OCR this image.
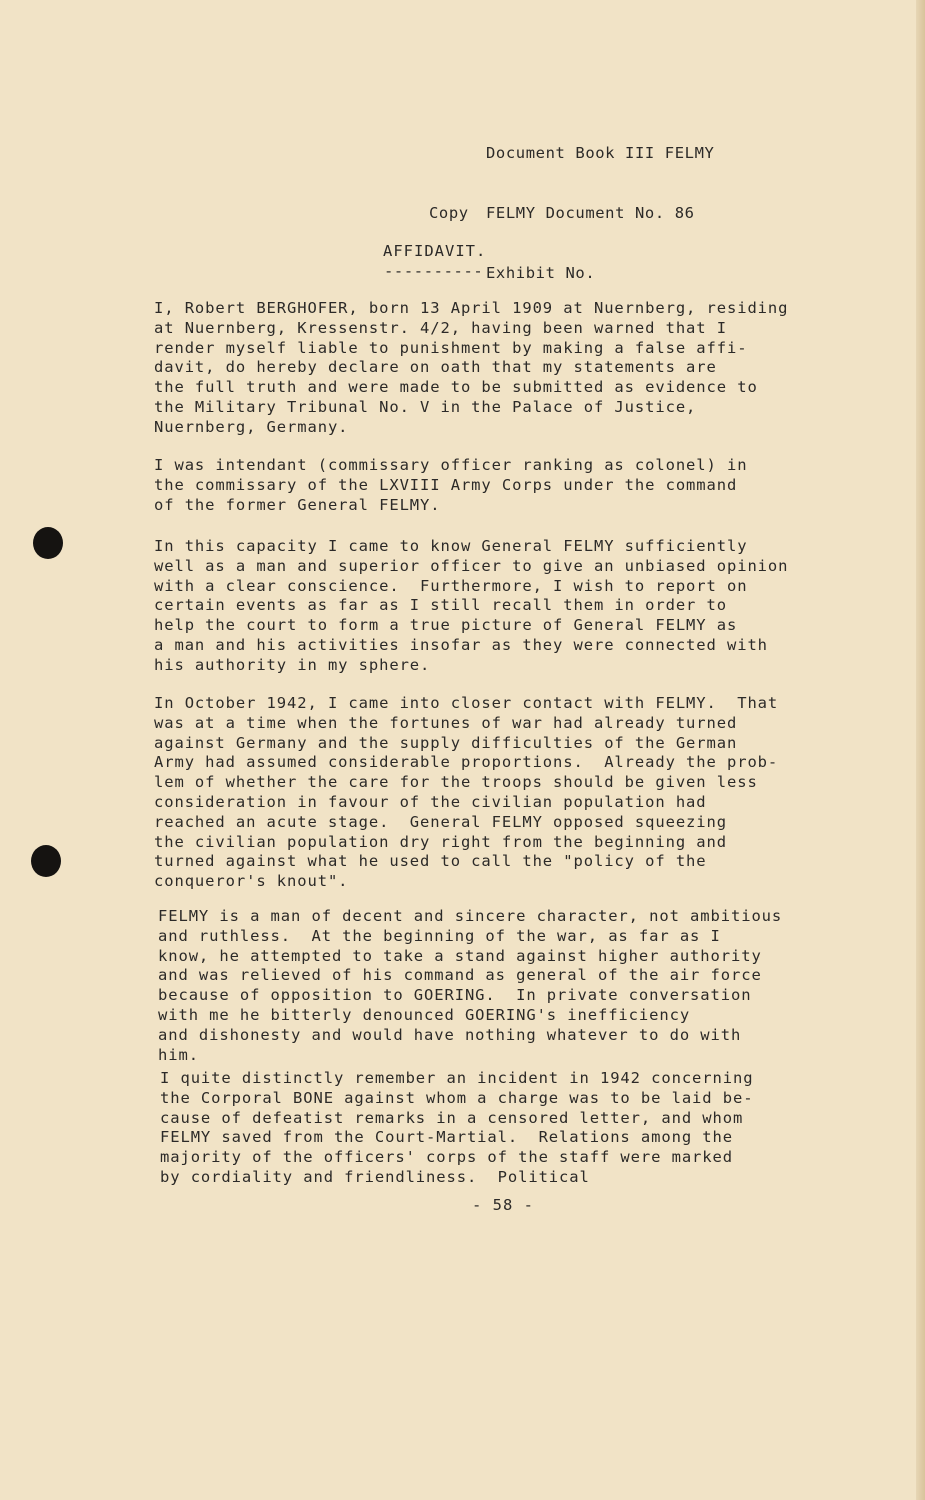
Document Book III FELMY

FELMY Document No. 86

Exhibit No.

Copy
AFFIDAVIT.
----------

I, Robert BERGHOFER, born 13 April 1909 at Nuernberg, residing
at Nuernberg, Kressenstr. 4/2, having been warned that I
render myself liable to punishment by making a false affi-
davit, do hereby declare on oath that my statements are
the full truth and were made to be submitted as evidence to
the Military Tribunal No. V in the Palace of Justice,
Nuernberg, Germany.

I was intendant (commissary officer ranking as colonel) in
the commissary of the LXVIII Army Corps under the command
of the former General FELMY.

In this capacity I came to know General FELMY sufficiently
well as a man and superior officer to give an unbiased opinion
with a clear conscience.  Furthermore, I wish to report on
certain events as far as I still recall them in order to
help the court to form a true picture of General FELMY as
a man and his activities insofar as they were connected with
his authority in my sphere.

In October 1942, I came into closer contact with FELMY.  That
was at a time when the fortunes of war had already turned
against Germany and the supply difficulties of the German
Army had assumed considerable proportions.  Already the prob-
lem of whether the care for the troops should be given less
consideration in favour of the civilian population had
reached an acute stage.  General FELMY opposed squeezing
the civilian population dry right from the beginning and
turned against what he used to call the "policy of the
conqueror's knout".

FELMY is a man of decent and sincere character, not ambitious
and ruthless.  At the beginning of the war, as far as I
know, he attempted to take a stand against higher authority
and was relieved of his command as general of the air force
because of opposition to GOERING.  In private conversation
with me he bitterly denounced GOERING's inefficiency
and dishonesty and would have nothing whatever to do with
him.

I quite distinctly remember an incident in 1942 concerning
the Corporal BONE against whom a charge was to be laid be-
cause of defeatist remarks in a censored letter, and whom
FELMY saved from the Court-Martial.  Relations among the
majority of the officers' corps of the staff were marked
by cordiality and friendliness.  Political

- 58 -
